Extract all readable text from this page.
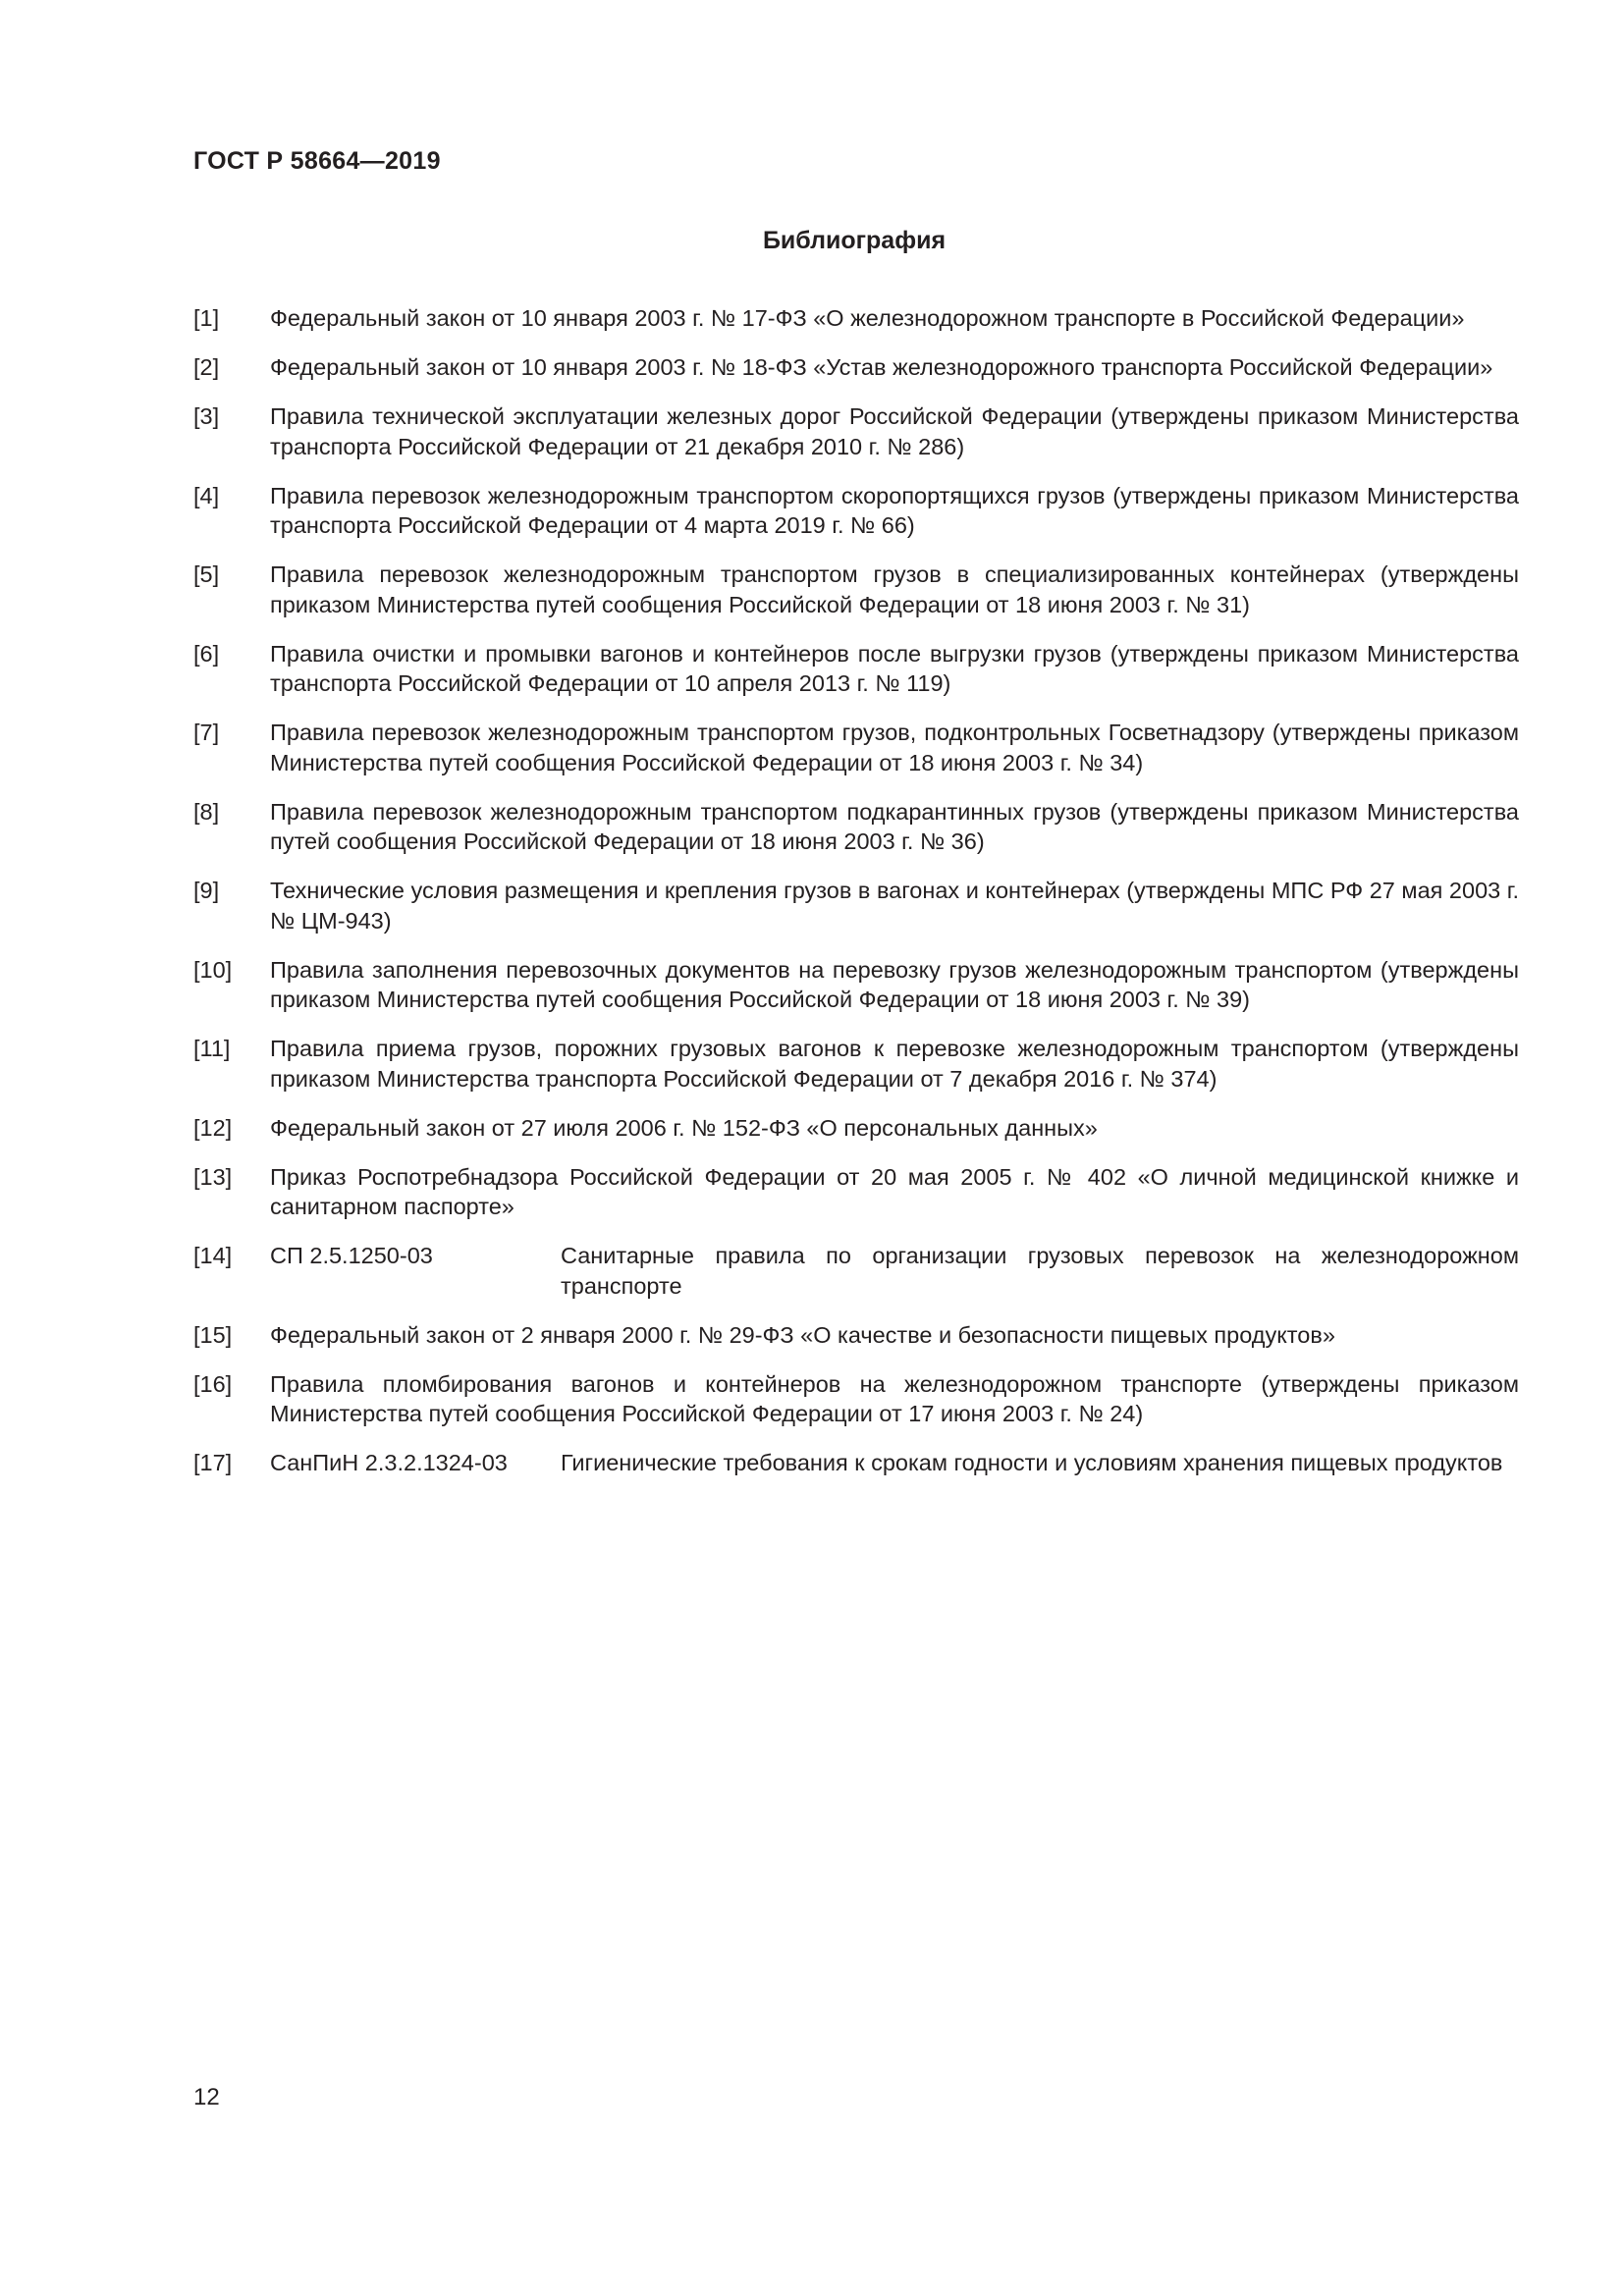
ГОСТ Р 58664—2019
Библиография
[1]	Федеральный закон от 10 января 2003 г. № 17-ФЗ «О железнодорожном транспорте в Российской Федерации»
[2]	Федеральный закон от 10 января 2003 г. № 18-ФЗ «Устав железнодорожного транспорта Российской Федерации»
[3]	Правила технической эксплуатации железных дорог Российской Федерации (утверждены приказом Министерства транспорта Российской Федерации от 21 декабря 2010 г. № 286)
[4]	Правила перевозок железнодорожным транспортом скоропортящихся грузов (утверждены приказом Министерства транспорта Российской Федерации от 4 марта 2019 г. № 66)
[5]	Правила перевозок железнодорожным транспортом грузов в специализированных контейнерах (утверждены приказом Министерства путей сообщения Российской Федерации от 18 июня 2003 г. № 31)
[6]	Правила очистки и промывки вагонов и контейнеров после выгрузки грузов (утверждены приказом Министерства транспорта Российской Федерации от 10 апреля 2013 г. № 119)
[7]	Правила перевозок железнодорожным транспортом грузов, подконтрольных Госветнадзору (утверждены приказом Министерства путей сообщения Российской Федерации от 18 июня 2003 г. № 34)
[8]	Правила перевозок железнодорожным транспортом подкарантинных грузов (утверждены приказом Министерства путей сообщения Российской Федерации от 18 июня 2003 г. № 36)
[9]	Технические условия размещения и крепления грузов в вагонах и контейнерах (утверждены МПС РФ 27 мая 2003 г. № ЦМ-943)
[10]	Правила заполнения перевозочных документов на перевозку грузов железнодорожным транспортом (утверждены приказом Министерства путей сообщения Российской Федерации от 18 июня 2003 г. № 39)
[11]	Правила приема грузов, порожних грузовых вагонов к перевозке железнодорожным транспортом (утверждены приказом Министерства транспорта Российской Федерации от 7 декабря 2016 г. № 374)
[12]	Федеральный закон от 27 июля 2006 г. № 152-ФЗ «О персональных данных»
[13]	Приказ Роспотребнадзора Российской Федерации от 20 мая 2005 г. № 402 «О личной медицинской книжке и санитарном паспорте»
[14]	СП 2.5.1250-03	Санитарные правила по организации грузовых перевозок на железнодорожном транспорте
[15]	Федеральный закон от 2 января 2000 г. № 29-ФЗ «О качестве и безопасности пищевых продуктов»
[16]	Правила пломбирования вагонов и контейнеров на железнодорожном транспорте (утверждены приказом Министерства путей сообщения Российской Федерации от 17 июня 2003 г. № 24)
[17]	СанПиН 2.3.2.1324-03	Гигиенические требования к срокам годности и условиям хранения пищевых продуктов
12
